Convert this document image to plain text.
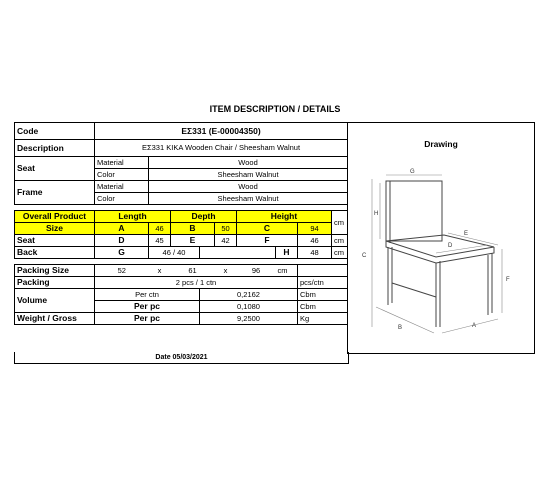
ITEM DESCRIPTION / DETAILS
Code	ΕΣ331 (E-00004350)								
Description	ΕΣ331 KIKA Wooden Chair / Sheesham Walnut								
Seat	Material	Wood							
	Color	Sheesham Walnut							
Frame	Material	Wood							
	Color	Sheesham Walnut							

Overall Product	Length		Depth			Height			cm
Size	A	46	B		50	C		94	
Seat	D	45	E		42	F		46	cm
Back	G	46 / 40					H	48	cm

Packing Size	52	x	61		x	96	cm		
Packing	2 pcs / 1 ctn							pcs/ctn	
Volume	Per ctn			0,2162				Cbm	
	Per pc			0,1080				Cbm	
Weight / Gross	Per pc			9,2500				Kg	
Date 05/03/2021
Drawing
G
H
C
E
D
F
B	A
